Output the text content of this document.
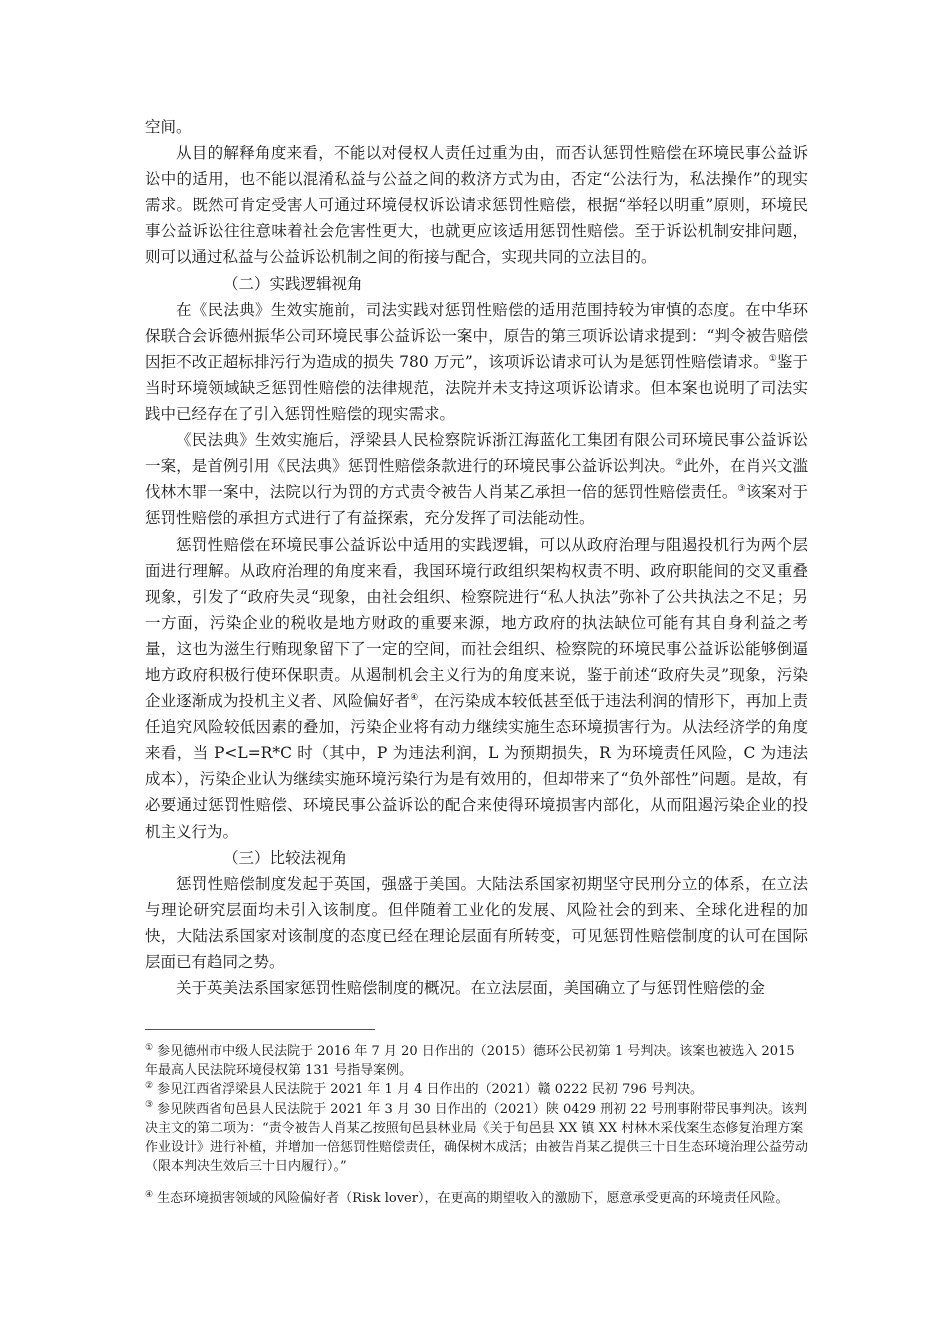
空间。

从目的解释角度来看，不能以对侵权人责任过重为由，而否认惩罚性赔偿在环境民事公益诉讼中的适用，也不能以混淆私益与公益之间的救济方式为由，否定“公法行为，私法操作”的现实需求。既然可肯定受害人可通过环境侵权诉讼请求惩罚性赔偿，根据“举轻以明重”原则，环境民事公益诉讼往往意味着社会危害性更大，也就更应该适用惩罚性赔偿。至于诉讼机制安排问题，则可以通过私益与公益诉讼机制之间的衔接与配合，实现共同的立法目的。

（二）实践逻辑视角

在《民法典》生效实施前，司法实践对惩罚性赔偿的适用范围持较为审慎的态度。在中华环保联合会诉德州振华公司环境民事公益诉讼一案中，原告的第三项诉讼请求提到：“判令被告赔偿因拒不改正超标排污行为造成的损失 780 万元”，该项诉讼请求可认为是惩罚性赔偿请求。①鉴于当时环境领域缺乏惩罚性赔偿的法律规范，法院并未支持这项诉讼请求。但本案也说明了司法实践中已经存在了引入惩罚性赔偿的现实需求。

《民法典》生效实施后，浮梁县人民检察院诉浙江海蓝化工集团有限公司环境民事公益诉讼一案，是首例引用《民法典》惩罚性赔偿条款进行的环境民事公益诉讼判决。②此外，在肖兴文滥伐林木罪一案中，法院以行为罚的方式责令被告人肖某乙承担一倍的惩罚性赔偿责任。③该案对于惩罚性赔偿的承担方式进行了有益探索，充分发挥了司法能动性。

惩罚性赔偿在环境民事公益诉讼中适用的实践逻辑，可以从政府治理与阻遏投机行为两个层面进行理解。从政府治理的角度来看，我国环境行政组织架构权责不明、政府职能间的交叉重叠现象，引发了“政府失灵“现象，由社会组织、检察院进行“私人执法”弥补了公共执法之不足；另一方面，污染企业的税收是地方财政的重要来源，地方政府的执法缺位可能有其自身利益之考量，这也为滋生行贿现象留下了一定的空间，而社会组织、检察院的环境民事公益诉讼能够倒逼地方政府积极行使环保职责。从遏制机会主义行为的角度来说，鉴于前述“政府失灵”现象，污染企业逐渐成为投机主义者、风险偏好者④，在污染成本较低甚至低于违法利润的情形下，再加上责任追究风险较低因素的叠加，污染企业将有动力继续实施生态环境损害行为。从法经济学的角度来看，当 P<L=R*C 时（其中，P 为违法利润，L 为预期损失，R 为环境责任风险，C 为违法成本），污染企业认为继续实施环境污染行为是有效用的，但却带来了“负外部性”问题。是故，有必要通过惩罚性赔偿、环境民事公益诉讼的配合来使得环境损害内部化，从而阻遏污染企业的投机主义行为。

（三）比较法视角

惩罚性赔偿制度发起于英国，强盛于美国。大陆法系国家初期坚守民刑分立的体系，在立法与理论研究层面均未引入该制度。但伴随着工业化的发展、风险社会的到来、全球化进程的加快，大陆法系国家对该制度的态度已经在理论层面有所转变，可见惩罚性赔偿制度的认可在国际层面已有趋同之势。

关于英美法系国家惩罚性赔偿制度的概况。在立法层面，美国确立了与惩罚性赔偿的金

① 参见德州市中级人民法院于 2016 年 7 月 20 日作出的（2015）德环公民初第 1 号判决。该案也被选入 2015 年最高人民法院环境侵权第 131 号指导案例。

② 参见江西省浮梁县人民法院于 2021 年 1 月 4 日作出的（2021）赣 0222 民初 796 号判决。

③ 参见陕西省旬邑县人民法院于 2021 年 3 月 30 日作出的（2021）陕 0429 刑初 22 号刑事附带民事判决。该判决主文的第二项为：“责令被告人肖某乙按照旬邑县林业局《关于旬邑县 XX 镇 XX 村林木采伐案生态修复治理方案作业设计》进行补植，并增加一倍惩罚性赔偿责任，确保树木成活；由被告肖某乙提供三十日生态环境治理公益劳动（限本判决生效后三十日内履行）。”

④ 生态环境损害领域的风险偏好者（Risk lover），在更高的期望收入的激励下，愿意承受更高的环境责任风险。
